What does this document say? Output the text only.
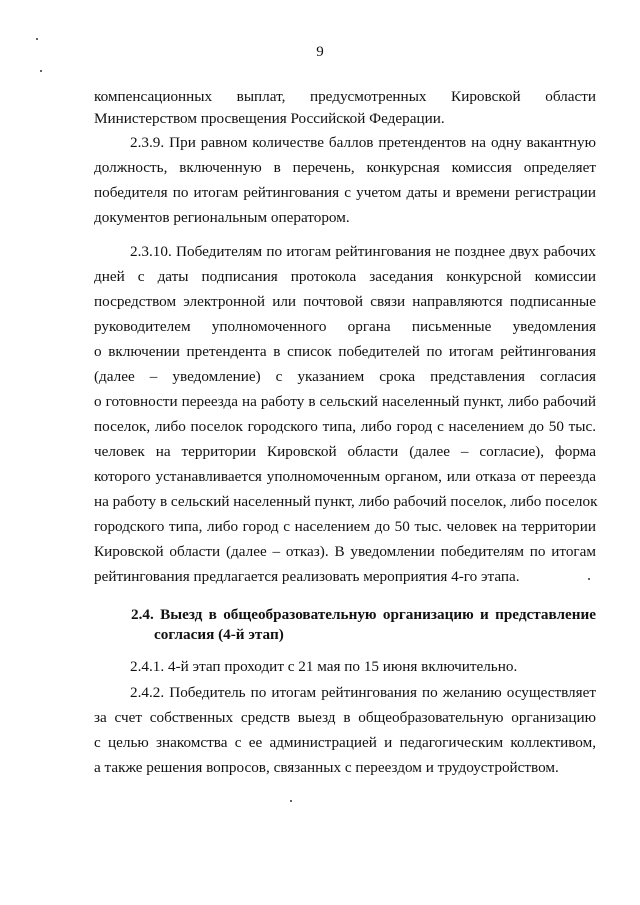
9
компенсационных выплат, предусмотренных Кировской области
Министерством просвещения Российской Федерации.
2.3.9. При равном количестве баллов претендентов на одну вакантную
должность, включенную в перечень, конкурсная комиссия определяет
победителя по итогам рейтингования с учетом даты и времени регистрации
документов региональным оператором.
2.3.10. Победителям по итогам рейтингования не позднее двух рабочих
дней с даты подписания протокола заседания конкурсной комиссии
посредством электронной или почтовой связи направляются подписанные
руководителем уполномоченного органа письменные уведомления
о включении претендента в список победителей по итогам рейтингования
(далее – уведомление) с указанием срока представления согласия
о готовности переезда на работу в сельский населенный пункт, либо рабочий
поселок, либо поселок городского типа, либо город с населением до 50 тыс.
человек на территории Кировской области (далее – согласие), форма
которого устанавливается уполномоченным органом, или отказа от переезда
на работу в сельский населенный пункт, либо рабочий поселок, либо поселок
городского типа, либо город с населением до 50 тыс. человек на территории
Кировской области (далее – отказ). В уведомлении победителям по итогам
рейтингования предлагается реализовать мероприятия 4-го этапа.
2.4. Выезд в общеобразовательную организацию и представление
согласия (4-й этап)
2.4.1. 4-й этап проходит с 21 мая по 15 июня включительно.
2.4.2. Победитель по итогам рейтингования по желанию осуществляет
за счет собственных средств выезд в общеобразовательную организацию
с целью знакомства с ее администрацией и педагогическим коллективом,
а также решения вопросов, связанных с переездом и трудоустройством.
